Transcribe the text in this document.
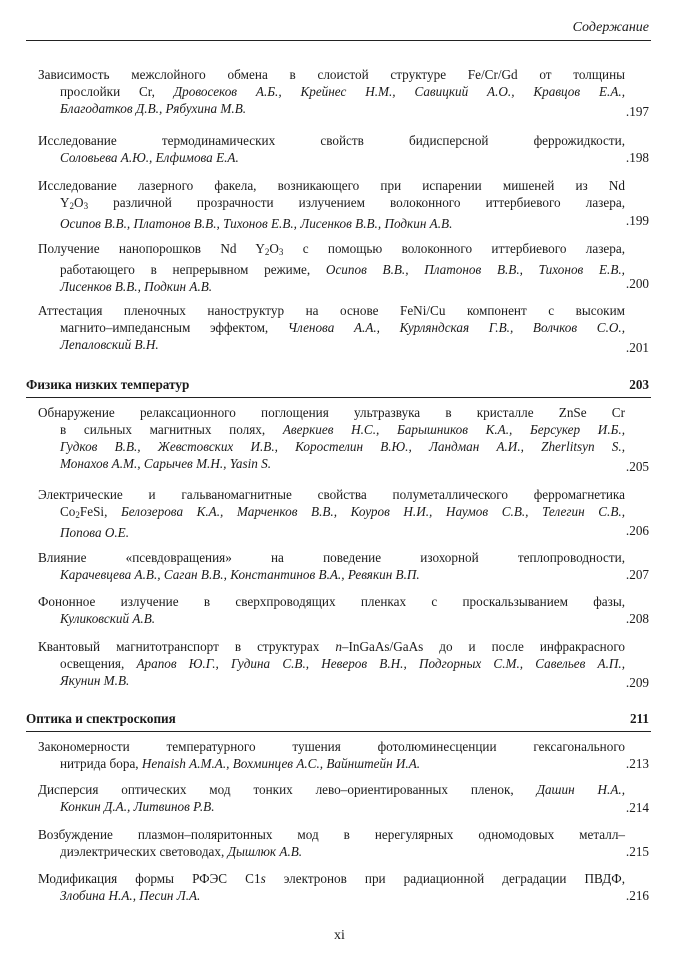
Содержание
Зависимость межслойного обмена в слоистой структуре Fe/Cr/Gd от толщины
прослойки Cr, Дровосеков А.Б., Крейнес Н.М., Савицкий А.О., Кравцов Е.А.,
Благодатков Д.В., Рябухина М.В.	.197
Исследование термодинамических свойств бидисперсной феррожидкости,
Соловьева А.Ю., Елфимова Е.А.	.198
Исследование лазерного факела, возникающего при испарении мишеней из Nd
$Y_2O_3$ различной прозрачности излучением волоконного иттербиевого лазера,
Осипов В.В., Платонов В.В., Тихонов Е.В., Лисенков В.В., Подкин А.В.	.199
Получение нанопорошков Nd $Y_2O_3$ с помощью волоконного иттербиевого лазера,
работающего в непрерывном режиме, Осипов В.В., Платонов В.В., Тихонов Е.В.,
Лисенков В.В., Подкин А.В.	.200
Аттестация пленочных наноструктур на основе FeNi/Cu компонент с высоким
магнито–импедансным эффектом, Членова А.А., Курляндская Г.В., Волчков С.О.,
Лепаловский В.Н.	.201
Физика низких температур	203
Обнаружение релаксационного поглощения ультразвука в кристалле ZnSe Cr
в сильных магнитных полях, Аверкиев Н.С., Барышников К.А., Берсукер И.Б.,
Гудков В.В., Жевстовских И.В., Коростелин В.Ю., Ландман А.И., Zherlitsyn S.,
Монахов А.М., Сарычев М.Н., Yasin S.	.205
Электрические и гальваномагнитные свойства полуметаллического ферромагнетика
$Co_2FeSi$, Белозерова К.А., Марченков В.В., Коуров Н.И., Наумов С.В., Телегин С.В.,
Попова О.Е.	.206
Влияние «псевдовращения» на поведение изохорной теплопроводности,
Карачевцева А.В., Саган В.В., Константинов В.А., Ревякин В.П.	.207
Фононное излучение в сверхпроводящих пленках с проскальзыванием фазы,
Куликовский А.В.	.208
Квантовый магнитотранспорт в структурах n–InGaAs/GaAs до и после инфракрасного
освещения, Арапов Ю.Г., Гудина С.В., Неверов В.Н., Подгорных С.М., Савельев А.П.,
Якунин М.В.	.209
Оптика и спектроскопия	211
Закономерности температурного тушения фотолюминесценции гексагонального
нитрида бора, Henaish А.М.А., Вохминцев А.С., Вайнштейн И.А.	.213
Дисперсия оптических мод тонких лево–ориентированных пленок, Дашин Н.А.,
Конкин Д.А., Литвинов Р.В.	.214
Возбуждение плазмон–поляритонных мод в нерегулярных одномодовых металл–
диэлектрических световодах, Дышлюк А.В.	.215
Модификация формы РФЭС C1s электронов при радиационной деградации ПВДФ,
Злобина Н.А., Песин Л.А.	.216
xi
